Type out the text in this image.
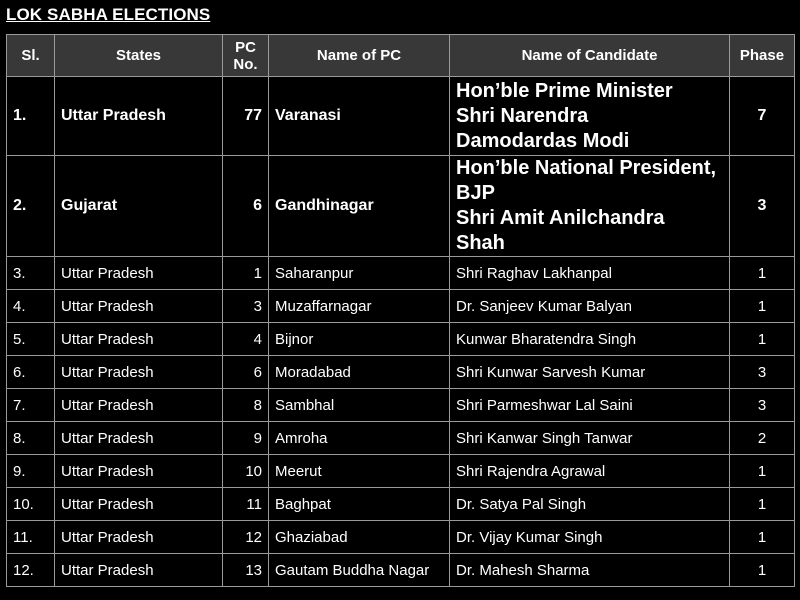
LOK SABHA ELECTIONS
Sl.	States	PC
No.	Name of PC	Name of Candidate	Phase
1.	Uttar Pradesh	77	Varanasi	Hon’ble Prime Minister
Shri Narendra
Damodardas Modi	7
2.	Gujarat	6	Gandhinagar	Hon’ble National President,
BJP
Shri Amit Anilchandra
Shah	3
3.	Uttar Pradesh	1	Saharanpur	Shri Raghav Lakhanpal	1
4.	Uttar Pradesh	3	Muzaffarnagar	Dr. Sanjeev Kumar Balyan	1
5.	Uttar Pradesh	4	Bijnor	Kunwar Bharatendra Singh	1
6.	Uttar Pradesh	6	Moradabad	Shri Kunwar Sarvesh Kumar	3
7.	Uttar Pradesh	8	Sambhal	Shri Parmeshwar Lal Saini	3
8.	Uttar Pradesh	9	Amroha	Shri Kanwar Singh Tanwar	2
9.	Uttar Pradesh	10	Meerut	Shri Rajendra Agrawal	1
10.	Uttar Pradesh	11	Baghpat	Dr. Satya Pal Singh	1
11.	Uttar Pradesh	12	Ghaziabad	Dr. Vijay Kumar Singh	1
12.	Uttar Pradesh	13	Gautam Buddha Nagar	Dr. Mahesh Sharma	1
